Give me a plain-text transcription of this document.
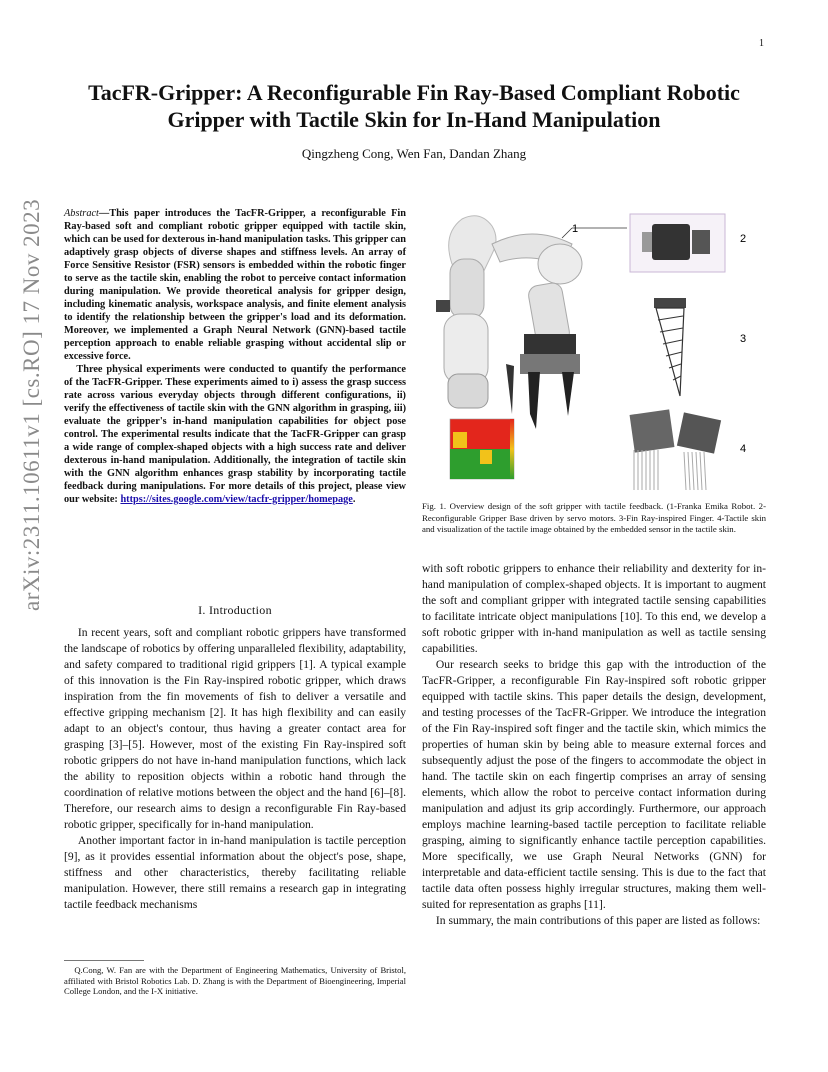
1
arXiv:2311.10611v1 [cs.RO] 17 Nov 2023
TacFR-Gripper: A Reconfigurable Fin Ray-Based Compliant Robotic Gripper with Tactile Skin for In-Hand Manipulation
Qingzheng Cong, Wen Fan, Dandan Zhang

Abstract—This paper introduces the TacFR-Gripper, a reconfigurable Fin Ray-based soft and compliant robotic gripper equipped with tactile skin, which can be used for dexterous in-hand manipulation tasks. This gripper can adaptively grasp objects of diverse shapes and stiffness levels. An array of Force Sensitive Resistor (FSR) sensors is embedded within the robotic finger to serve as the tactile skin, enabling the robot to perceive contact information during manipulation. We provide theoretical analysis for gripper design, including kinematic analysis, workspace analysis, and finite element analysis to identify the relationship between the gripper's load and its deformation. Moreover, we implemented a Graph Neural Network (GNN)-based tactile perception approach to enable reliable grasping without accidental slip or excessive force.

Three physical experiments were conducted to quantify the performance of the TacFR-Gripper. These experiments aimed to i) assess the grasp success rate across various everyday objects through different configurations, ii) verify the effectiveness of tactile skin with the GNN algorithm in grasping, iii) evaluate the gripper's in-hand manipulation capabilities for object pose control. The experimental results indicate that the TacFR-Gripper can grasp a wide range of complex-shaped objects with a high success rate and deliver dexterous in-hand manipulation. Additionally, the integration of tactile skin with the GNN algorithm enhances grasp stability by incorporating tactile feedback during manipulations. For more details of this project, please view our website: https://sites.google.com/view/tacfr-gripper/homepage.

I. Introduction

In recent years, soft and compliant robotic grippers have transformed the landscape of robotics by offering unparalleled flexibility, adaptability, and safety compared to traditional rigid grippers [1]. A typical example of this innovation is the Fin Ray-inspired robotic gripper, which draws inspiration from the fin movements of fish to deliver a versatile and effective gripping mechanism [2]. It has high flexibility and can easily adapt to an object's contour, thus having a greater contact area for grasping [3]–[5]. However, most of the existing Fin Ray-inspired soft robotic grippers do not have in-hand manipulation functions, which lack the ability to reposition objects within a robotic hand through the coordination of relative motions between the object and the hand [6]–[8]. Therefore, our research aims to design a reconfigurable Fin Ray-based robotic gripper, specifically for in-hand manipulation.

Another important factor in in-hand manipulation is tactile perception [9], as it provides essential information about the object's pose, shape, stiffness and other characteristics, thereby facilitating reliable manipulation. However, there still remains a research gap in integrating tactile feedback mechanisms

Q.Cong, W. Fan are with the Department of Engineering Mathematics, University of Bristol, affiliated with Bristol Robotics Lab. D. Zhang is with the Department of Bioengineering, Imperial College London, and the I-X initiative.
1
2
3
4
Fig. 1. Overview design of the soft gripper with tactile feedback. (1-Franka Emika Robot. 2-Reconfigurable Gripper Base driven by servo motors. 3-Fin Ray-inspired Finger. 4-Tactile skin and visualization of the tactile image obtained by the embedded sensor in the tactile skin.

with soft robotic grippers to enhance their reliability and dexterity for in-hand manipulation of complex-shaped objects. It is important to augment the soft and compliant gripper with integrated tactile sensing capabilities to facilitate intricate object manipulations [10]. To this end, we develop a soft robotic gripper with in-hand manipulation as well as tactile sensing capabilities.

Our research seeks to bridge this gap with the introduction of the TacFR-Gripper, a reconfigurable Fin Ray-inspired soft robotic gripper equipped with tactile skins. This paper details the design, development, and testing processes of the TacFR-Gripper. We introduce the integration of the Fin Ray-inspired soft finger and the tactile skin, which mimics the properties of human skin by being able to measure external forces and subsequently adjust the pose of the fingers to accommodate the object in hand. The tactile skin on each fingertip comprises an array of sensing elements, which allow the robot to perceive contact information during manipulation and adjust its grip accordingly. Furthermore, our approach employs machine learning-based tactile perception to facilitate reliable grasping, aiming to significantly enhance tactile perception capabilities. More specifically, we use Graph Neural Networks (GNN) for interpretable and data-efficient tactile sensing. This is due to the fact that tactile data often possess highly irregular structures, making them well-suited for representation as graphs [11].

In summary, the main contributions of this paper are listed as follows:
